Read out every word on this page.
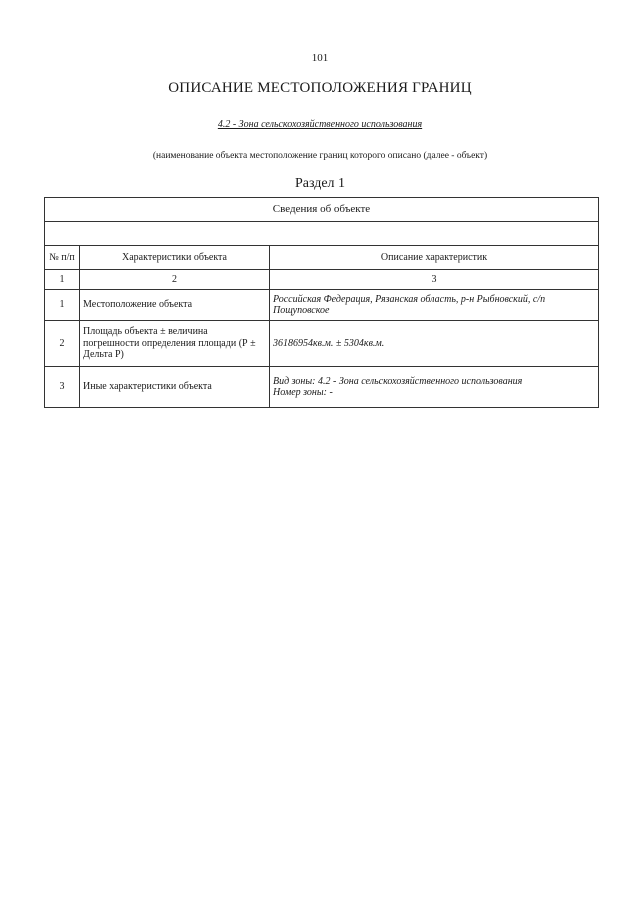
101
ОПИСАНИЕ МЕСТОПОЛОЖЕНИЯ ГРАНИЦ
4.2 - Зона сельскохозяйственного использования
(наименование объекта местоположение границ которого описано (далее - объект)
Раздел 1
Сведения об объекте		

№ п/п	Характеристики объекта	Описание характеристик
1	2	3
1	Местоположение объекта	Российская Федерация, Рязанская область, р-н Рыбновский, с/п Пощуповское
2	Площадь объекта ± величина погрешности определения площади (Р ± Дельта Р)	36186954кв.м. ± 5304кв.м.
3	Иные характеристики объекта	Вид зоны: 4.2 - Зона сельскохозяйственного использования
Номер зоны: -
